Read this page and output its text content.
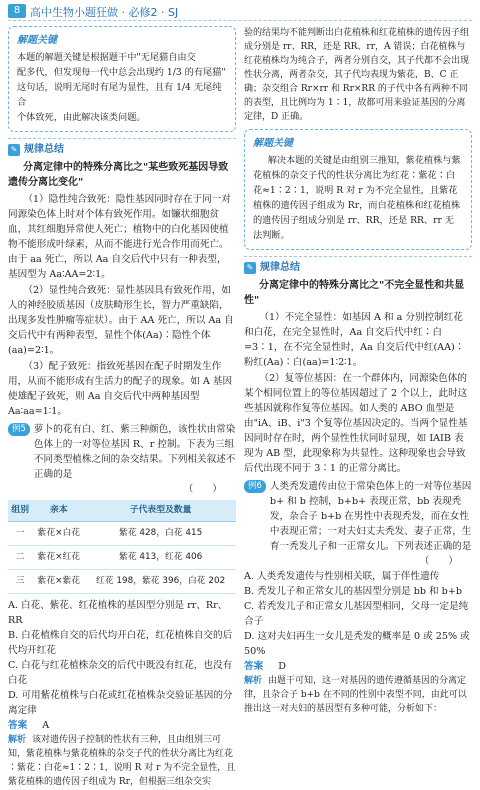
8 高中生物小题狂做 · 必修2 · SJ
解题关键
本题的解题关键是根据题干中"无尾猫自由交
配多代，但发现每一代中总会出现约 1/3 的有尾猫"
这句话，说明无尾时有尾为显性，且有 1/4 无尾纯合
个体致死，由此解决该类问题。
✎ 规律总结
分离定律中的特殊分离比之"某些致死基因导致遗传分离比变化"

（1）隐性纯合致死：隐性基因同时存在于同一对同源染色体上时对个体有致死作用。如镰状细胞贫血，其红细胞异常使人死亡；植物中的白化基因使植物不能形成叶绿素，从而不能进行光合作用而死亡。由于 aa 死亡，所以 Aa 自交后代中只有一种表型，基因型为 Aa∶AA=2∶1。

（2）显性纯合致死：显性基因具有致死作用，如人的神经胶质基因（皮肤畸形生长，智力严重缺陷，出现多发性肿瘤等症状）。由于 AA 死亡，所以 Aa 自交后代中有两种表型，显性个体(Aa)∶隐性个体(aa)=2∶1。

（3）配子致死：指致死基因在配子时期发生作用，从而不能形成有生活力的配子的现象。如 A 基因使雄配子致死，则 Aa 自交后代中两种基因型 Aa∶aa=1∶1。

例5 萝卜的花有白、红、紫三种颜色，该性状由常染色体上的一对等位基因 R、r 控制。下表为三组不同类型植株之间的杂交结果。下列相关叙述不正确的是
（　　）
组别	亲本	子代表型及数量
一	紫花×白花	紫花 428，白花 415
二	紫花×红花	紫花 413，红花 406
三	紫花×紫花	红花 198，紫花 396，白花 202

A. 白花、紫花、红花植株的基因型分别是 rr、Rr、RR

B. 白花植株自交的后代均开白花，红花植株自交的后代均开红花

C. 白花与红花植株杂交的后代中既没有红花，也没有白花

D. 可用紫花植株与白花或红花植株杂交验证基因的分离定律

答案 A

解析 该对遗传因子控制的性状有三种，且由组别三可知，紫花植株与紫花植株的杂交子代的性状分离比为红花∶紫花∶白花≈1∶2∶1，说明 R 对 r 为不完全显性，且紫花植株的遗传因子组成为 Rr，但根据三组杂交实

验的结果均不能判断出白花植株和红花植株的遗传因子组成分别是 rr、RR，还是 RR、rr，A 错误；白花植株与红花植株均为纯合子，两者分别自交，其子代都不会出现性状分离，两者杂交，其子代均表现为紫花，B、C 正确；杂交组合 Rr×rr 和 Rr×RR 的子代中各有两种不同的表型，且比例均为 1∶1，故都可用来验证基因的分离定律，D 正确。

解题关键
解决本题的关键是由组别三推知，紫花植株与紫花植株的杂交子代的性状分离比为红花∶紫花∶白花≈1∶2∶1，说明 R 对 r 为不完全显性，且紫花植株的遗传因子组成为 Rr，而白花植株和红花植株的遗传因子组成分别是 rr、RR，还是 RR、rr 无法判断。
✎ 规律总结
分离定律中的特殊分离比之"不完全显性和共显性"

（1）不完全显性：如基因 A 和 a 分别控制红花和白花，在完全显性时，Aa 自交后代中红∶白=3∶1，在不完全显性时，Aa 自交后代中红(AA)∶粉红(Aa)∶白(aa)=1∶2∶1。

（2）复等位基因：在一个群体内，同源染色体的某个相同位置上的等位基因超过了 2 个以上，此时这些基因就称作复等位基因。如人类的 ABO 血型是由"iA、iB、i"3 个复等位基因决定的。当两个显性基因同时存在时，两个显性性状同时显现，如 IAIB 表现为 AB 型，此现象称为共显性。这种现象也会导致后代出现不同于 3∶1 的正常分离比。

例6 人类秃发遗传由位于常染色体上的一对等位基因 b+ 和 b 控制，b+b+ 表现正常，bb 表现秃发，杂合子 b+b 在男性中表现秃发，而在女性中表现正常；一对夫妇丈夫秃发、妻子正常，生育一秃发儿子和一正常女儿。下列表述正确的是
（　　）

A. 人类秃发遗传与性别相关联，属于伴性遗传

B. 秃发儿子和正常女儿的基因型分别是 bb 和 b+b

C. 若秃发儿子和正常女儿基因型相同，父母一定是纯合子

D. 这对夫妇再生一女儿是秃发的概率是 0 或 25% 或 50%

答案 D

解析 由题干可知，这一对基因的遗传遵循基因的分离定律，且杂合子 b+b 在不同的性别中表型不同，由此可以推出这一对夫妇的基因型有多种可能，分析如下：
